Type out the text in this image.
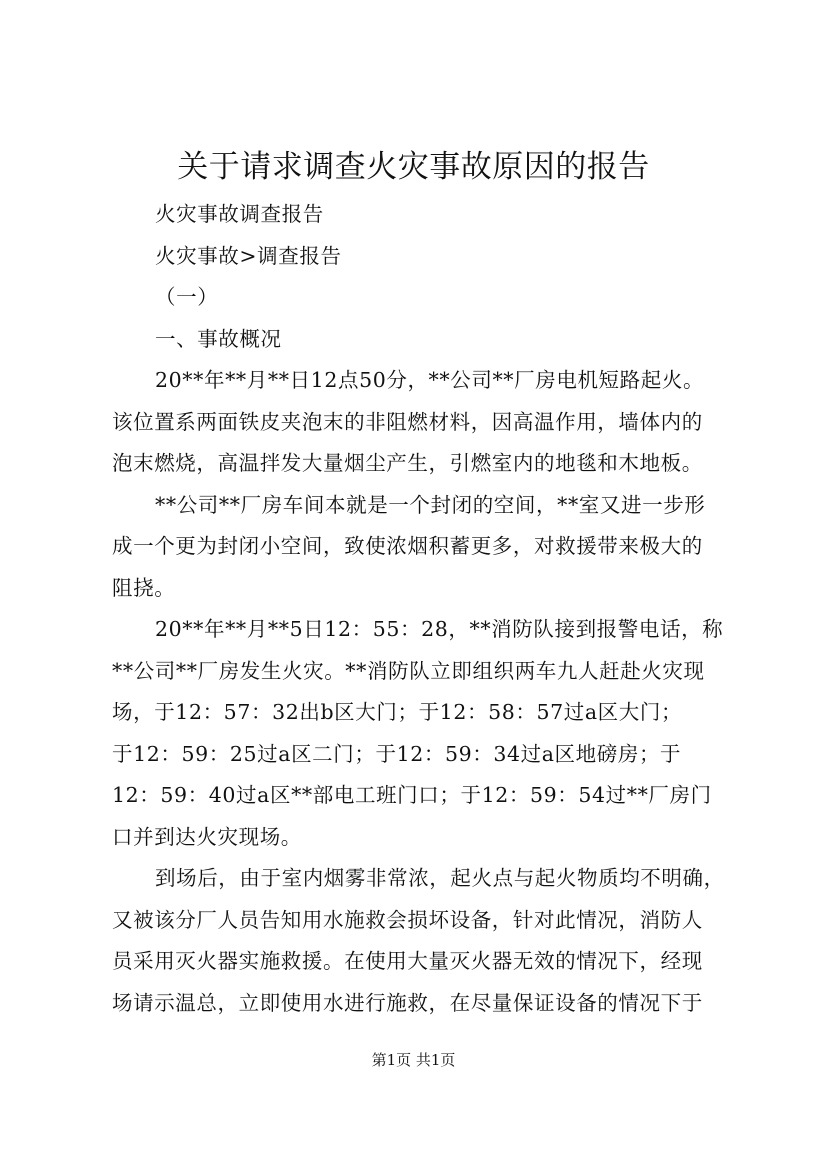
关于请求调查火灾事故原因的报告

火灾事故调查报告

火灾事故>调查报告

（一）

一、事故概况

20**年**月**日12点50分，**公司**厂房电机短路起火。

该位置系两面铁皮夹泡末的非阻燃材料，因高温作用，墙体内的

泡末燃烧，高温拌发大量烟尘产生，引燃室内的地毯和木地板。

**公司**厂房车间本就是一个封闭的空间，**室又进一步形

成一个更为封闭小空间，致使浓烟积蓄更多，对救援带来极大的

阻挠。

20**年**月**5日12：55：28，**消防队接到报警电话，称

**公司**厂房发生火灾。**消防队立即组织两车九人赶赴火灾现

场，于12：57：32出b区大门；于12：58：57过a区大门；

于12：59：25过a区二门；于12：59：34过a区地磅房；于

12：59：40过a区**部电工班门口；于12：59：54过**厂房门

口并到达火灾现场。

到场后，由于室内烟雾非常浓，起火点与起火物质均不明确，

又被该分厂人员告知用水施救会损坏设备，针对此情况，消防人

员采用灭火器实施救援。在使用大量灭火器无效的情况下，经现

场请示温总，立即使用水进行施救，在尽量保证设备的情况下于

第1页 共1页
